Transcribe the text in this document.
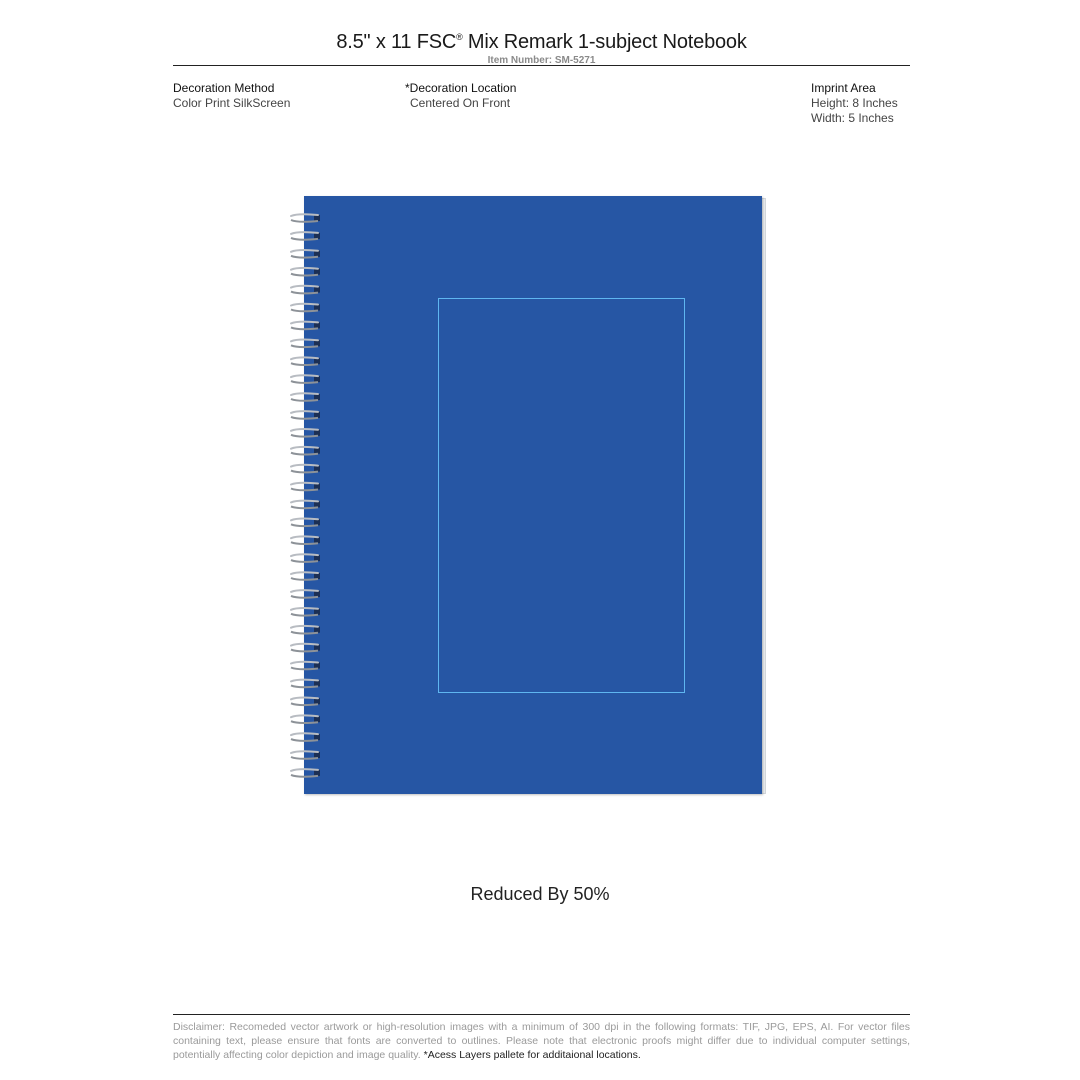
8.5" x 11 FSC® Mix Remark 1-subject Notebook
Item Number: SM-5271
Decoration Method
Color Print SilkScreen
*Decoration Location
Centered On Front
Imprint Area
Height: 8 Inches
Width: 5 Inches
Reduced By 50%
Disclaimer: Recomeded vector artwork or high-resolution images with a minimum of 300 dpi in the following formats: TIF, JPG, EPS, AI. For vector files containing text, please ensure that fonts are converted to outlines. Please note that electronic proofs might differ due to individual computer settings, potentially affecting color depiction and image quality. *Acess Layers pallete for additaional locations.
